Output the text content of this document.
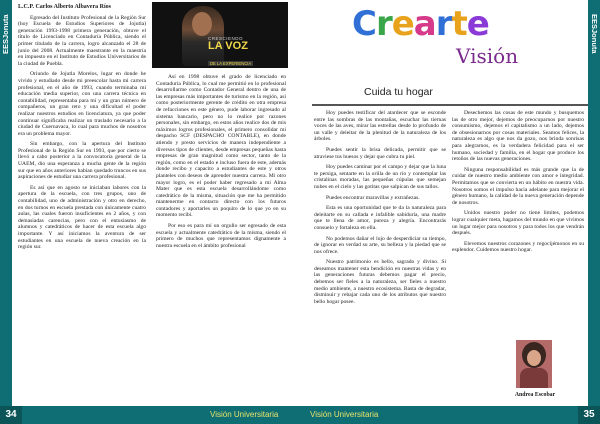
EESJonuta	CRESCIENDO
LA VOZ
DE LA EXPERIENCIA

L.C.P. Carlos Alberto Albavera Ríos

Egresado del Instituto Profesional de la Región Sur (hoy Escuela de Estudios Superiores de Jojutla) generación 1993-1998 primera generación, obtuve el título de Licenciado en Contaduría Pública, siendo el primer titulado de la carrera, logro alcanzado el 28 de junio del 2008. Actualmente maestrante en la maestría en impuesto en el Instituto de Estudios Universitarios de la ciudad de Puebla.

Oriundo de Jojutla Morelos, lugar en donde he vivido y estudiado desde mi preescolar hasta mi carrera profesional, en el año de 1993, cuando terminaba mi educación media superior, con una carrera técnica en contabilidad, representaba para mí y un gran número de compañeros, un gran reto y una dificultad el poder realizar nuestros estudios en licenciatura, ya que poder continuar significaba realizar un traslado necesario a la ciudad de Cuernavaca, lo cual para muchos de nosotros era un problema mayor.

Sin embargo, con la apertura del Instituto Profesional de la Región Sur en 1993, que por cierto se llevó a cabo posterior a la convocatoria general de la UAEM, dio una esperanza a mucha gente de la región sur que en años anteriores habían quedado truncos en sus aspiraciones de estudiar una carrera profesional.

Es así que en agosto se iniciaban labores con la apertura de la escuela, con tres grupos, uno de contabilidad, uno de administración y otro en derecho, en dos turnos en escuela prestada con únicamente cuatro aulas, las cuales fueron insuficientes en 2 años, y con demasiadas carencias, pero con el entusiasmo de alumnos y catedráticos de hacer de esta escuela algo importante. Y así iniciamos la aventura de ser estudiantes en una escuela de nueva creación en la región sur.

Así en 1998 obtuve el grado de licenciado en Contaduría Pública, lo cual me permitió en lo profesional desarrollarme como Contador General dentro de una de las empresas más importantes de turismo en la región, así como posteriormente gerente de crédito en otra empresa de refacciones en este género, pude laborar ingresado al sistema bancario, pero no lo realice por razones personales, sin embargo, en estos años realice dos de mis máximos logros profesionales, el primero consolidar mi despacho SCF (DESPACHO CONTABLE), en donde atiendo y presto servicios de manera independiente a diversos tipos de clientes, desde empresas pequeñas hasta empresas de gran magnitud como sector, tanto de la región, como en el estado e incluso fuera de este, además donde recibo y capacito a estudiantes de este y otros planteles con deseos de aprender nuestra carrera. Mi otro mayor logro, es el poder haber regresado a mi Alma Mater que es esta escuela desarrollándome como catedrático de la misma, situación que me ha permitido mantenerme en contacto directo con los futuros contadores y aportarles un poquito de lo que yo en su momento recibí.

Por eso es para mí un orgullo ser egresado de esta escuela y actualmente catedrático de la misma, siendo el primero de muchos que representamos dignamente a nuestra escuela en el ámbito profesional

34	Visión Universitaria
Crearte
Visión
Cuida tu hogar
EESJonuta

Hoy puedes testificar del atardecer que se esconde entre las sombras de las montañas, escuchar las tiernas voces de las aves, mirar las estrellas desde lo profundo de un valle y deleitar de la plenitud de la naturaleza de los árboles.

Puedes sentir la brisa delicada, permitir que se atraviese tus huesos y dejar que cubra tu piel.

Hoy puedes caminar por el campo y dejar que la luna te persiga, sentarte en la orilla de un río y contemplar las cristalinas moradas, las pequeñas cúpulas que semejan nubes en el cielo y las gotitas que salpican de sus tallos.

Puedes encontrar maravillas y extrañezas.

Esta es una oportunidad que te da la naturaleza para deleitarte en su callada e infalible sabiduría, una madre que te llena de amor, pureza y alegría. Encontrarás consuelo y fortaleza en ella.

No podemos dañar el lujo de desperdiciar su tiempo, de ignorar en verdad su arte, su belleza y la piedad que se nos ofrece.

Nuestro patrimonio es bello, sagrado y divino. Si deseamos mantener esta bendición en nuestras vidas y en las generaciones futuras debemos pagar el precio, debemos ser fieles a la naturaleza, ser fieles a nuestro medio ambiente, a nuestro ecosistema. Basta de degradar, disminuir y rebajar cada uno de los atributos que nuestro bello hogar posee.

Desechemos las cosas de este mundo y busquemos las de otro mejor, dejemos de preocuparnos por nuestro consumismo, dejemos el capitalismo a un lado, dejemos de obsesionarnos por cosas materiales. Seamos felices, la naturaleza es algo que nos da gozo, nos brinda sonrisas para alegrarnos, es la verdadera felicidad para el ser humano, sociedad y familia, en el hogar que produce los retoños de las nuevas generaciones.

Ninguna responsabilidad es más grande que la de cuidar de nuestro medio ambiente con amor e integridad. Permitamos que se convierta en un hábito en nuestra vida. Nosotros somos el impulso hacia adelante para mejorar el género humano, la calidad de la nueva generación depende de nosotros.

Unidos nuestro poder no tiene límites, podemos lograr cualquier meta, hagamos del mundo en que vivimos un lugar mejor para nosotros y para todos los que vendrán después.

Elevemos nuestros corazones y regocijémonos en su esplendor. Cuidemos nuestro hogar.

Andrea Escobar
Visión Universitaria	35
